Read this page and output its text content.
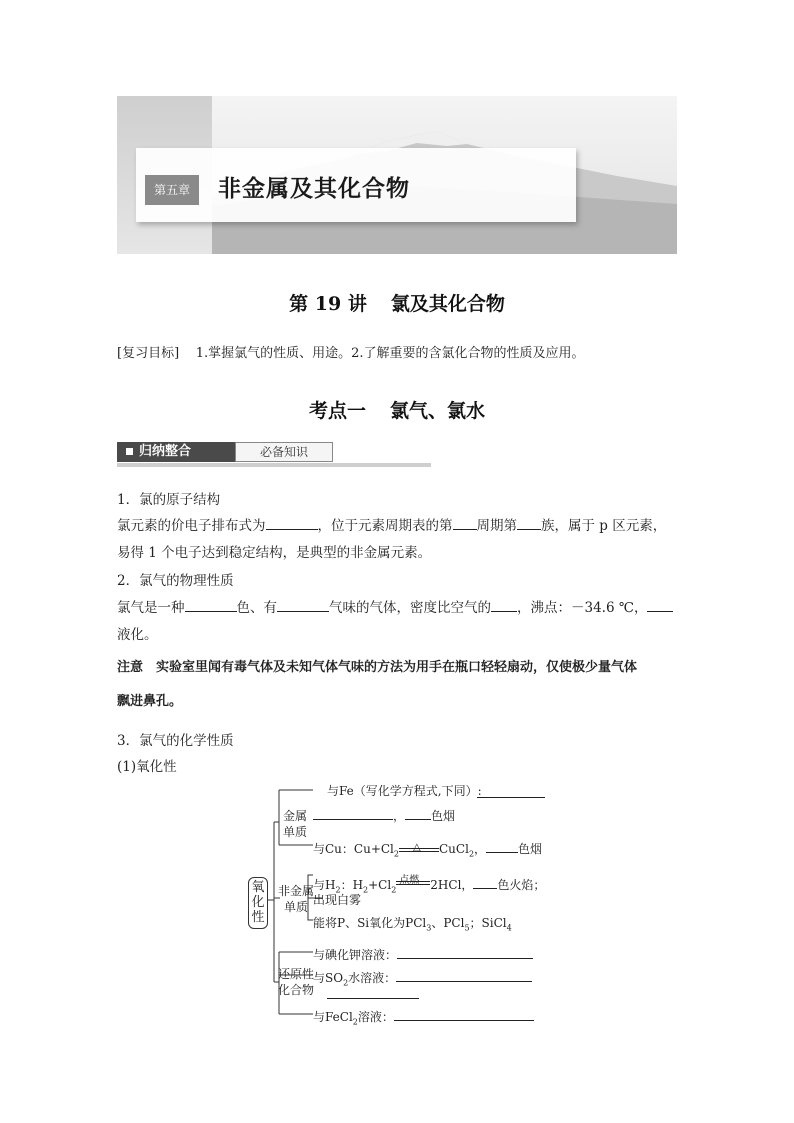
第五章	非金属及其化合物
第 19 讲 氯及其化合物
[复习目标] 1.掌握氯气的性质、用途。2.了解重要的含氯化合物的性质及应用。
考点一 氯气、氯水
归纳整合	必备知识
1．氯的原子结构
氯元素的价电子排布式为	，位于元素周期表的第 周期第 族，属于 p 区元素，
易得 1 个电子达到稳定结构，是典型的非金属元素。
2．氯气的物理性质
氯气是一种	色、有	气味的气体，密度比空气的 ，沸点：－34.6 ℃，
液化。
注意　实验室里闻有毒气体及未知气体气味的方法为用手在瓶口轻轻扇动，仅使极少量气体
飘进鼻孔。
3．氯气的化学性质
(1)氧化性
氧化性
金属
单质
非金属
单质
还原性
化合物
与Fe（写化学方程式,下同）:
， 色烟
与Cu：$Cu+Cl_2$
△ CuCl$_2$，	色烟
与$H_2$：$H_2+Cl_2$
点燃 2HCl， 色火焰；
出现白雾
能将P、Si氧化为PCl$_3$、PCl$_5$；SiCl$_4$
与碘化钾溶液：
与$SO_2$水溶液：
与FeCl$_2$溶液：
